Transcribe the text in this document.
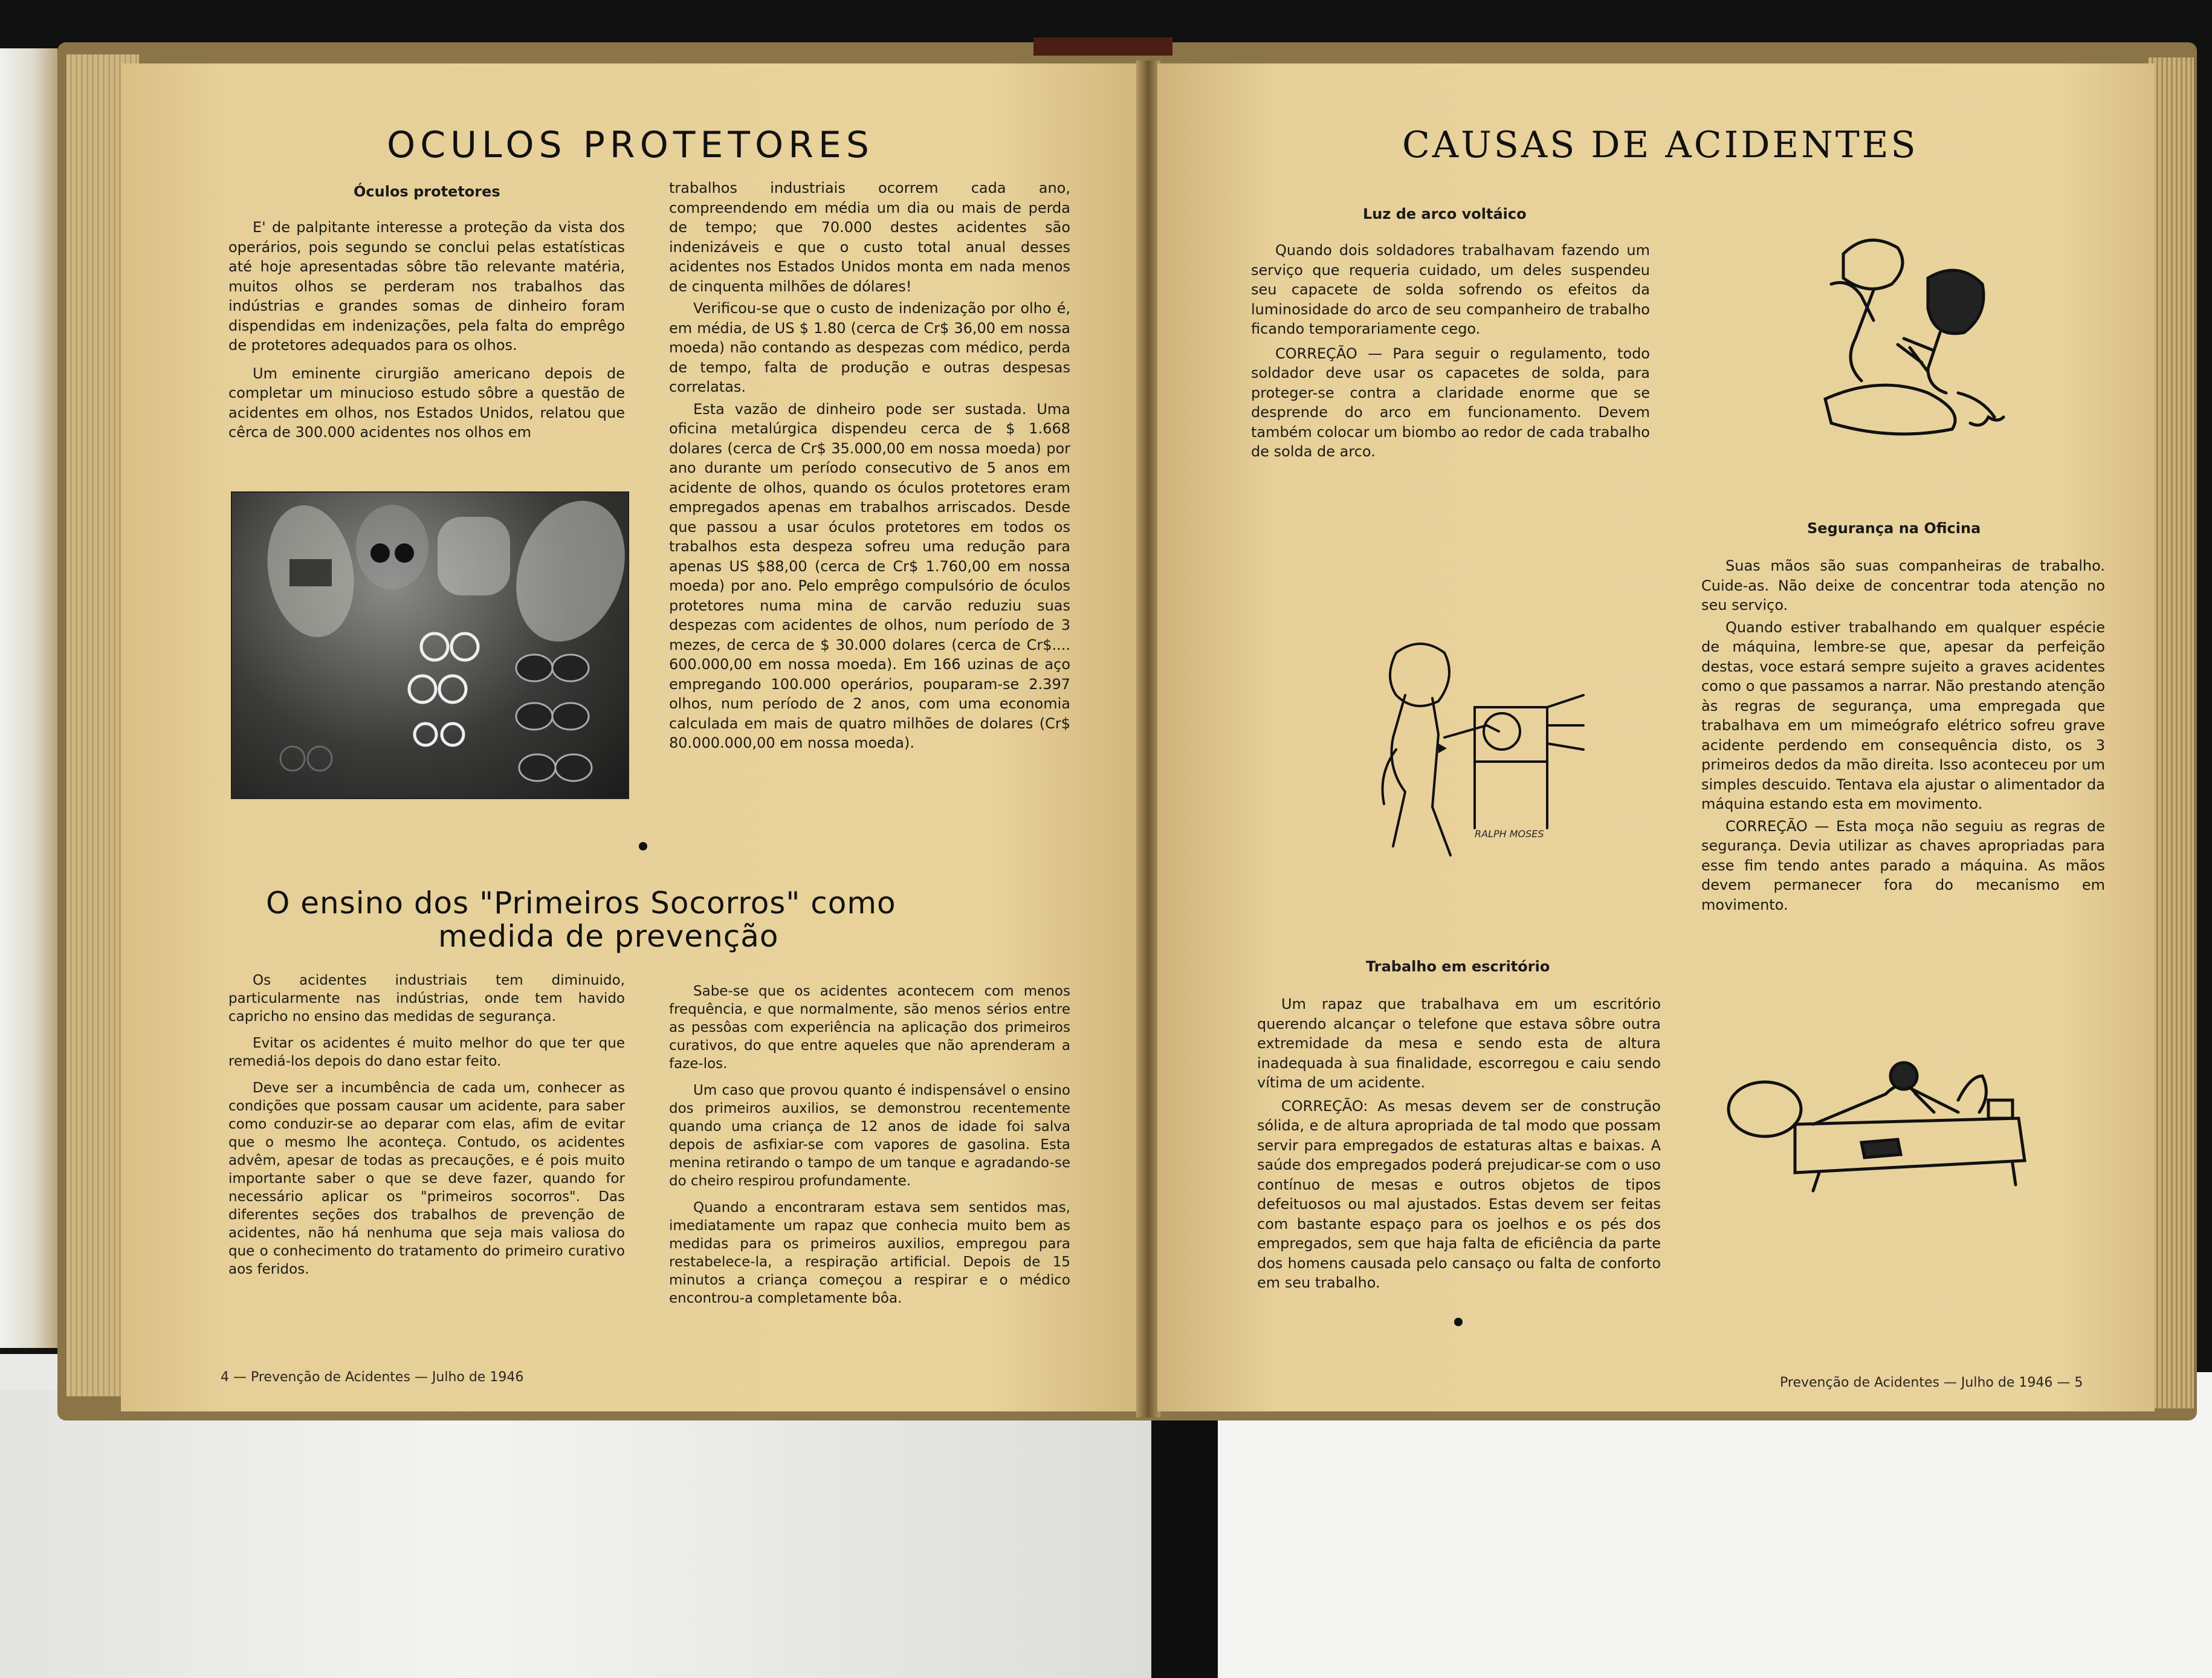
OCULOS PROTETORES
Óculos protetores

E' de palpitante interesse a proteção da vista dos operários, pois segundo se conclui pelas estatísticas até hoje apresentadas sôbre tão relevante matéria, muitos olhos se perderam nos trabalhos das indústrias e grandes somas de dinheiro foram dispendidas em indenizações, pela falta do emprêgo de protetores adequados para os olhos.

Um eminente cirurgião americano depois de completar um minucioso estudo sôbre a questão de acidentes em olhos, nos Estados Unidos, relatou que cêrca de 300.000 acidentes nos olhos em

trabalhos industriais ocorrem cada ano, compreendendo em média um dia ou mais de perda de tempo; que 70.000 destes acidentes são indenizáveis e que o custo total anual desses acidentes nos Estados Unidos monta em nada menos de cinquenta milhões de dólares!

Verificou-se que o custo de indenização por olho é, em média, de US $ 1.80 (cerca de Cr$ 36,00 em nossa moeda) não contando as despezas com médico, perda de tempo, falta de produção e outras despesas correlatas.

Esta vazão de dinheiro pode ser sustada. Uma oficina metalúrgica dispendeu cerca de $ 1.668 dolares (cerca de Cr$ 35.000,00 em nossa moeda) por ano durante um período consecutivo de 5 anos em acidente de olhos, quando os óculos protetores eram empregados apenas em trabalhos arriscados. Desde que passou a usar óculos protetores em todos os trabalhos esta despeza sofreu uma redução para apenas US $88,00 (cerca de Cr$ 1.760,00 em nossa moeda) por ano. Pelo emprêgo compulsório de óculos protetores numa mina de carvão reduziu suas despezas com acidentes de olhos, num período de 3 mezes, de cerca de $ 30.000 dolares (cerca de Cr$.... 600.000,00 em nossa moeda). Em 166 uzinas de aço empregando 100.000 operários, pouparam-se 2.397 olhos, num período de 2 anos, com uma economia calculada em mais de quatro milhões de dolares (Cr$ 80.000.000,00 em nossa moeda).

O ensino dos "Primeiros Socorros" como
medida de prevenção

Os acidentes industriais tem diminuido, particularmente nas indústrias, onde tem havido capricho no ensino das medidas de segurança.

Evitar os acidentes é muito melhor do que ter que remediá-los depois do dano estar feito.

Deve ser a incumbência de cada um, conhecer as condições que possam causar um acidente, para saber como conduzir-se ao deparar com elas, afim de evitar que o mesmo lhe aconteça. Contudo, os acidentes advêm, apesar de todas as precauções, e é pois muito importante saber o que se deve fazer, quando for necessário aplicar os "primeiros socorros". Das diferentes seções dos trabalhos de prevenção de acidentes, não há nenhuma que seja mais valiosa do que o conhecimento do tratamento do primeiro curativo aos feridos.

Sabe-se que os acidentes acontecem com menos frequência, e que normalmente, são menos sérios entre as pessôas com experiência na aplicação dos primeiros curativos, do que entre aqueles que não aprenderam a faze-los.

Um caso que provou quanto é indispensável o ensino dos primeiros auxilios, se demonstrou recentemente quando uma criança de 12 anos de idade foi salva depois de asfixiar-se com vapores de gasolina. Esta menina retirando o tampo de um tanque e agradando-se do cheiro respirou profundamente.

Quando a encontraram estava sem sentidos mas, imediatamente um rapaz que conhecia muito bem as medidas para os primeiros auxilios, empregou para restabelece-la, a respiração artificial. Depois de 15 minutos a criança começou a respirar e o médico encontrou-a completamente bôa.

4 — Prevenção de Acidentes — Julho de 1946
CAUSAS DE ACIDENTES
Luz de arco voltáico

Quando dois soldadores trabalhavam fazendo um serviço que requeria cuidado, um deles suspendeu seu capacete de solda sofrendo os efeitos da luminosidade do arco de seu companheiro de trabalho ficando temporariamente cego.

CORREÇÃO — Para seguir o regulamento, todo soldador deve usar os capacetes de solda, para proteger-se contra a claridade enorme que se desprende do arco em funcionamento. Devem também colocar um biombo ao redor de cada trabalho de solda de arco.

Segurança na Oficina

Suas mãos são suas companheiras de trabalho. Cuide-as. Não deixe de concentrar toda atenção no seu serviço.

Quando estiver trabalhando em qualquer espécie de máquina, lembre-se que, apesar da perfeição destas, voce estará sempre sujeito a graves acidentes como o que passamos a narrar. Não prestando atenção às regras de segurança, uma empregada que trabalhava em um mimeógrafo elétrico sofreu grave acidente perdendo em consequência disto, os 3 primeiros dedos da mão direita. Isso aconteceu por um simples descuido. Tentava ela ajustar o alimentador da máquina estando esta em movimento.

CORREÇÃO — Esta moça não seguiu as regras de segurança. Devia utilizar as chaves apropriadas para esse fim tendo antes parado a máquina. As mãos devem permanecer fora do mecanismo em movimento.

RALPH MOSES
Trabalho em escritório

Um rapaz que trabalhava em um escritório querendo alcançar o telefone que estava sôbre outra extremidade da mesa e sendo esta de altura inadequada à sua finalidade, escorregou e caiu sendo vítima de um acidente.

CORREÇÃO: As mesas devem ser de construção sólida, e de altura apropriada de tal modo que possam servir para empregados de estaturas altas e baixas. A saúde dos empregados poderá prejudicar-se com o uso contínuo de mesas e outros objetos de tipos defeituosos ou mal ajustados. Estas devem ser feitas com bastante espaço para os joelhos e os pés dos empregados, sem que haja falta de eficiência da parte dos homens causada pelo cansaço ou falta de conforto em seu trabalho.

Prevenção de Acidentes — Julho de 1946 — 5
